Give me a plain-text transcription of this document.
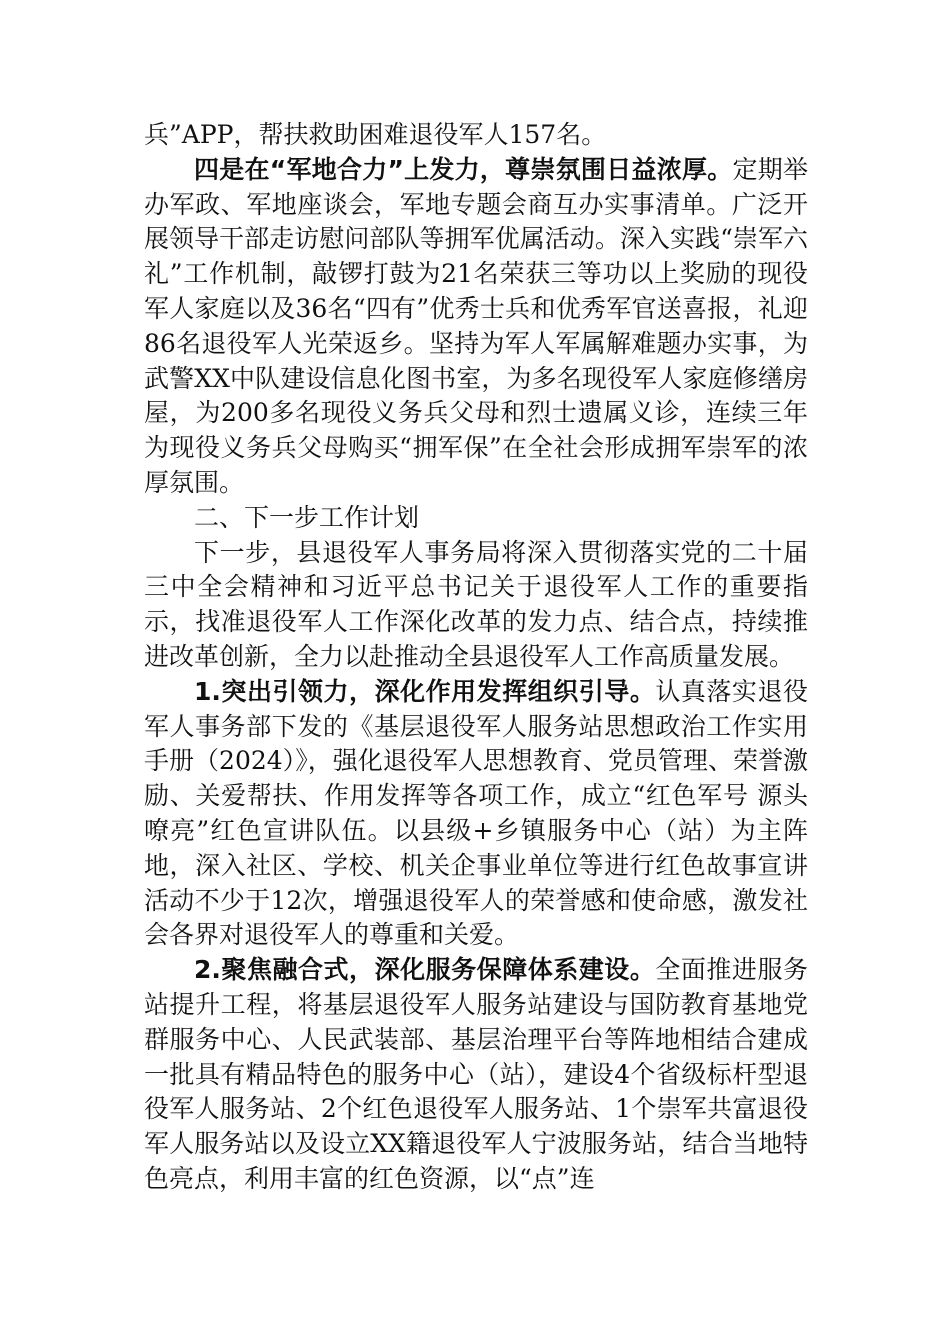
兵”APP，帮扶救助困难退役军人157名。

四是在“军地合力”上发力，尊崇氛围日益浓厚。定期举办军政、军地座谈会，军地专题会商互办实事清单。广泛开展领导干部走访慰问部队等拥军优属活动。深入实践“崇军六礼”工作机制，敲锣打鼓为21名荣获三等功以上奖励的现役军人家庭以及36名“四有”优秀士兵和优秀军官送喜报，礼迎86名退役军人光荣返乡。坚持为军人军属解难题办实事，为武警XX中队建设信息化图书室，为多名现役军人家庭修缮房屋，为200多名现役义务兵父母和烈士遗属义诊，连续三年为现役义务兵父母购买“拥军保”在全社会形成拥军崇军的浓厚氛围。

二、下一步工作计划

下一步，县退役军人事务局将深入贯彻落实党的二十届三中全会精神和习近平总书记关于退役军人工作的重要指示，找准退役军人工作深化改革的发力点、结合点，持续推进改革创新，全力以赴推动全县退役军人工作高质量发展。

1.突出引领力，深化作用发挥组织引导。认真落实退役军人事务部下发的《基层退役军人服务站思想政治工作实用手册（2024）》，强化退役军人思想教育、党员管理、荣誉激励、关爱帮扶、作用发挥等各项工作，成立“红色军号 源头嘹亮”红色宣讲队伍。以县级+乡镇服务中心（站）为主阵地，深入社区、学校、机关企事业单位等进行红色故事宣讲活动不少于12次，增强退役军人的荣誉感和使命感，激发社会各界对退役军人的尊重和关爱。

2.聚焦融合式，深化服务保障体系建设。全面推进服务站提升工程，将基层退役军人服务站建设与国防教育基地党群服务中心、人民武装部、基层治理平台等阵地相结合建成一批具有精品特色的服务中心（站），建设4个省级标杆型退役军人服务站、2个红色退役军人服务站、1个崇军共富退役军人服务站以及设立XX籍退役军人宁波服务站，结合当地特色亮点，利用丰富的红色资源，以“点”连
